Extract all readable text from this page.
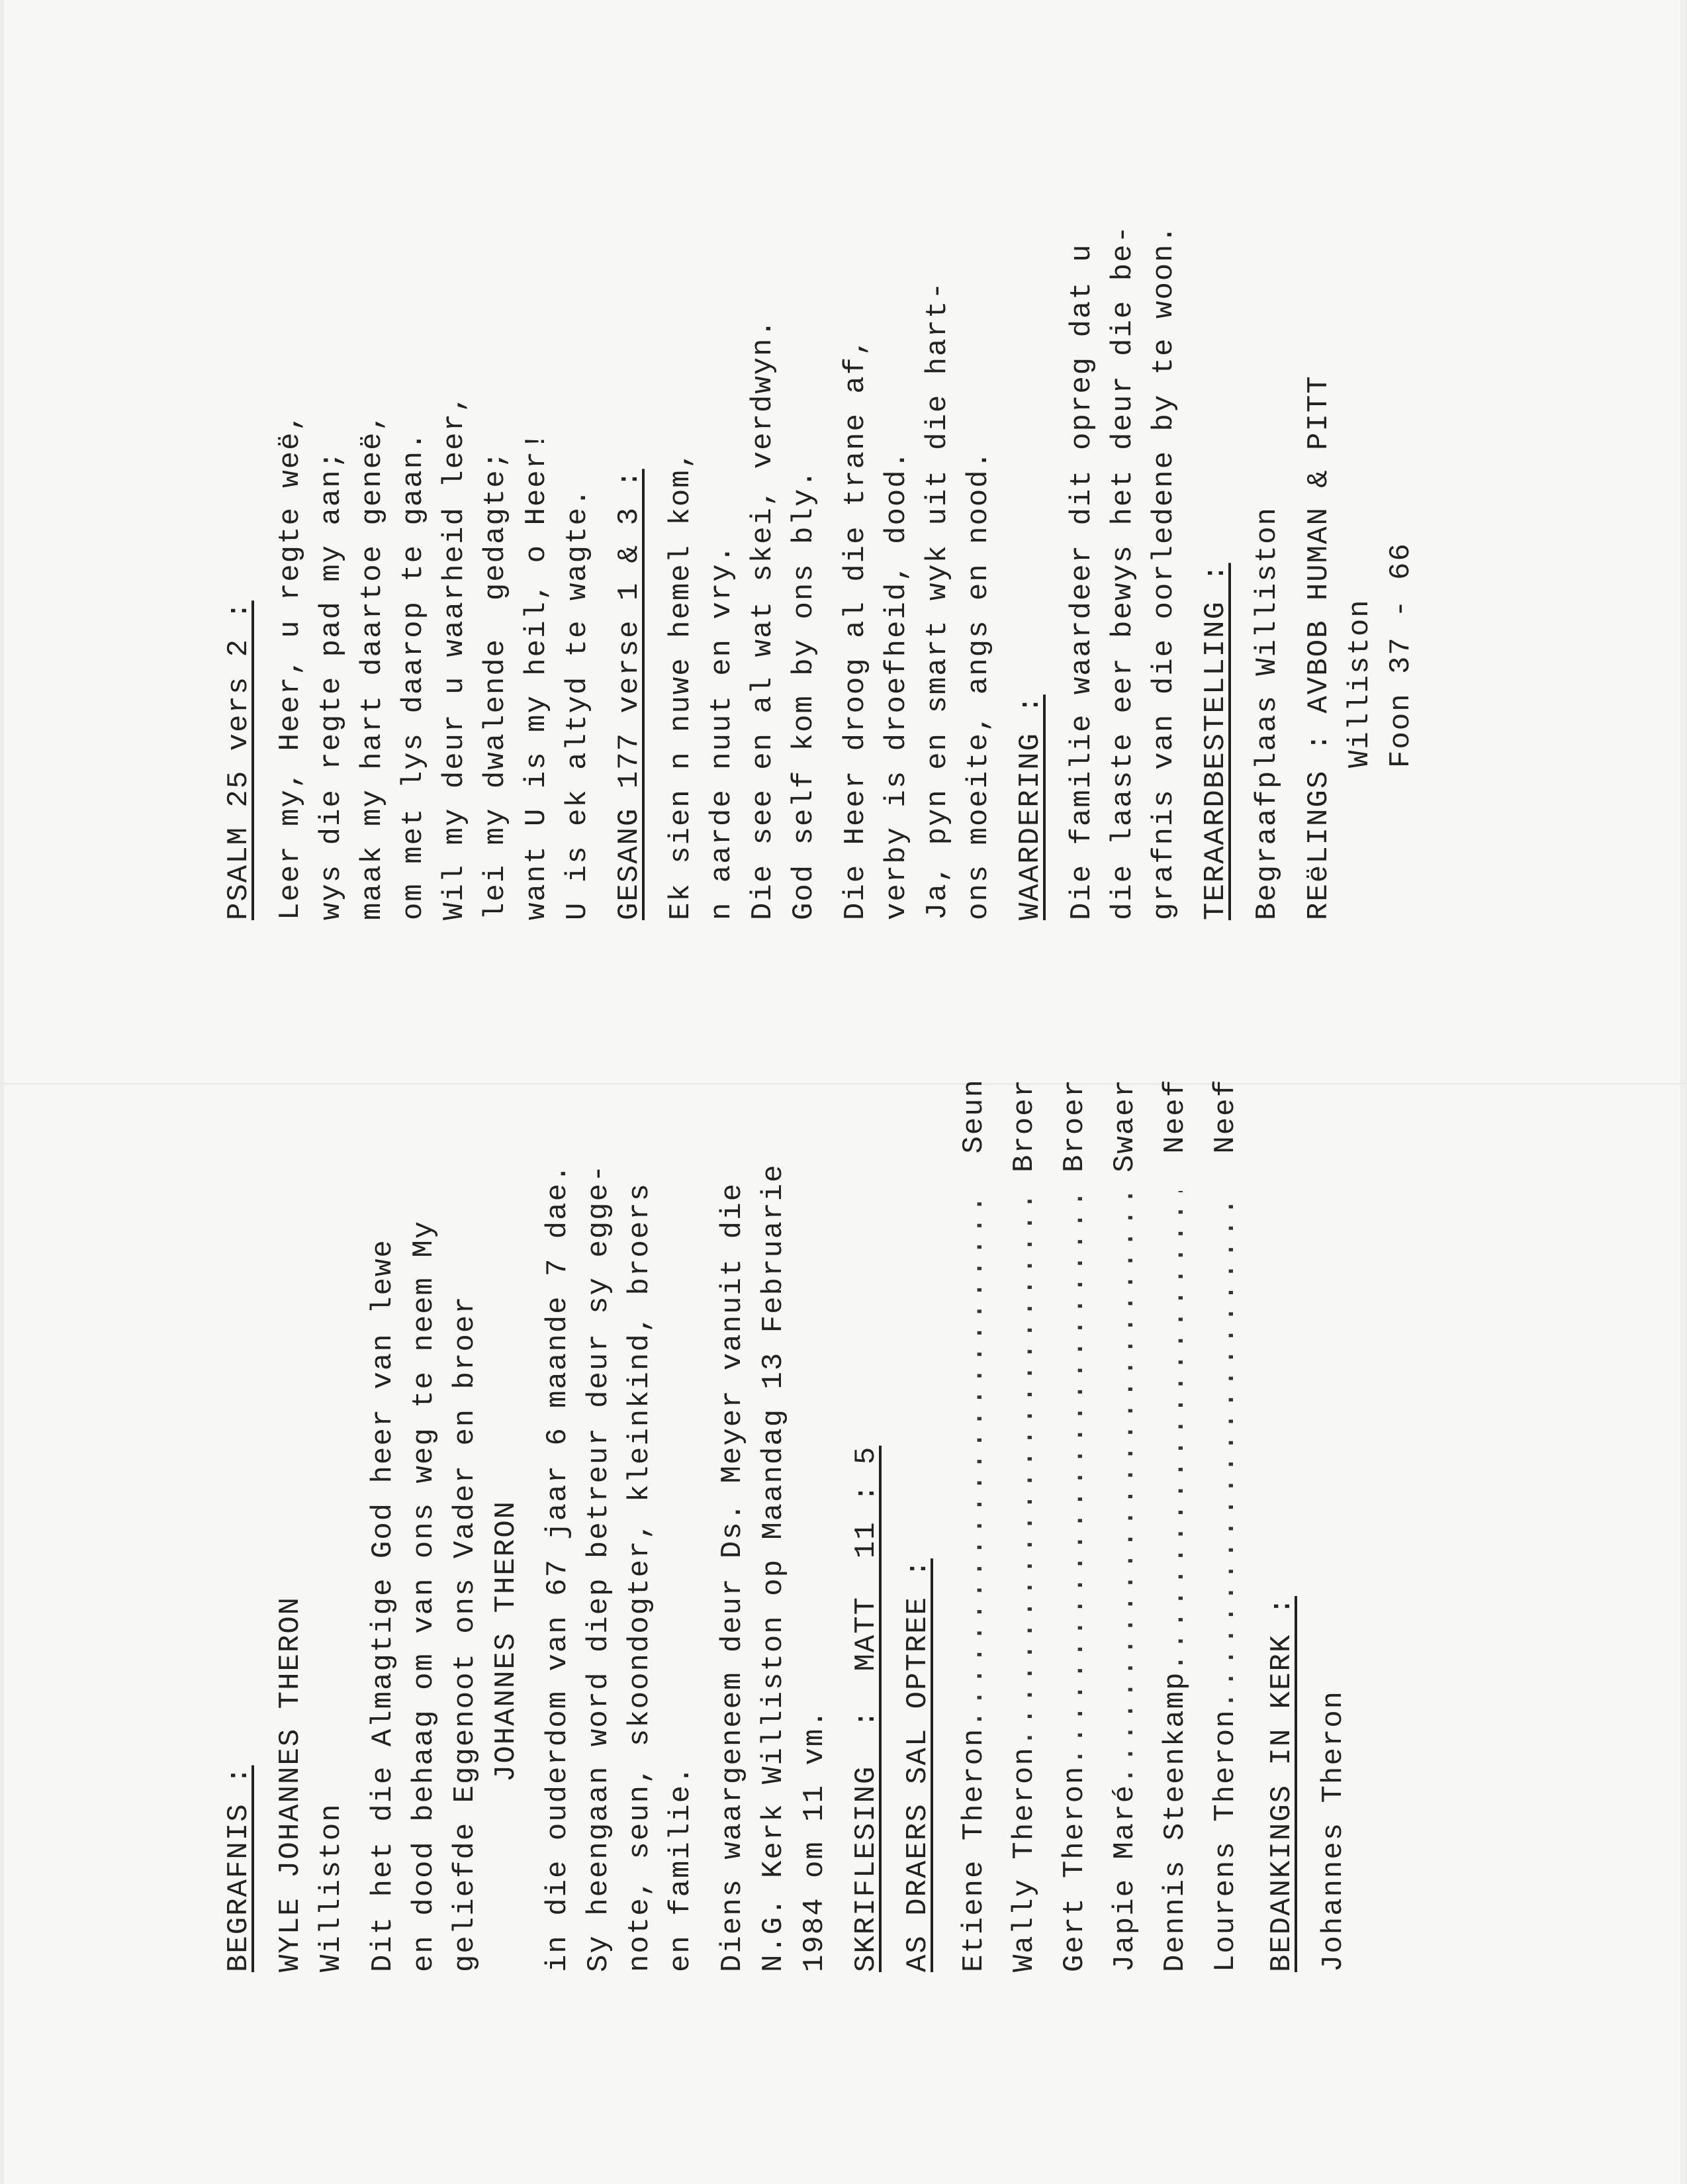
BEGRAFNIS : WYLE JOHANNES THERON Williston Dit het die Almagtige God heer van lewe en dood behaag om van ons weg te neem My geliefde Eggenoot ons Vader en broer JOHANNES THERON in die ouderdom van 67 jaar 6 maande 7 dae. Sy heengaan word diep betreur deur sy egge- note, seun, skoondogter, kleinkind, broers en familie. Diens waargeneem deur Ds. Meyer vanuit die N.G. Kerk Williston op Maandag 13 Februarie 1984 om 11 vm. SKRIFLESING  :  MATT  11 : 5 AS DRAERS SAL OPTREE : Etiene Theron
.....
Seun
Wally Theron
.....
Broer
Gert Theron
.....
Broer
Japie Maré
.....
Swaer
Dennis Steenkamp
.....
Neef
Lourens Theron
.....
Neef
BEDANKINGS IN KERK : Johannes Theron
PSALM 25 vers 2 : Leer my, Heer, u regte weë, wys die regte pad my aan; maak my hart daartoe geneë, om met lys daarop te gaan. Wil my deur u waarheid leer, lei my dwalende  gedagte; want U is my heil, o Heer! U is ek altyd te wagte. GESANG 177 verse 1 & 3 : Ek sien n nuwe hemel kom, n aarde nuut en vry. Die see en al wat skei, verdwyn. God self kom by ons bly. Die Heer droog al die trane af, verby is droefheid, dood. Ja, pyn en smart wyk uit die hart- ons moeite, angs en nood. WAARDERING : Die familie waardeer dit opreg dat u die laaste eer bewys het deur die be- grafnis van die oorledene by te woon. TERAARDBESTELLING : Begraafplaas Williston REëLINGS : AVBOB HUMAN & PITT Williston Foon 37 - 66
